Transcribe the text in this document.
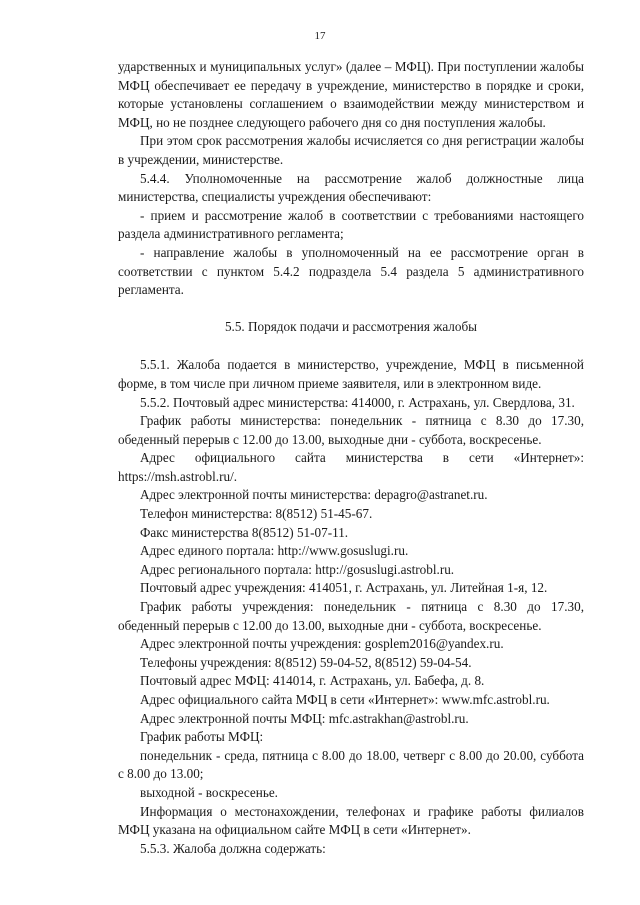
17

ударственных и муниципальных услуг» (далее – МФЦ). При поступлении жалобы МФЦ обеспечивает ее передачу в учреждение, министерство в порядке и сроки, которые установлены соглашением о взаимодействии между министерством и МФЦ, но не позднее следующего рабочего дня со дня поступления жалобы.

При этом срок рассмотрения жалобы исчисляется со дня регистрации жалобы в учреждении, министерстве.

5.4.4. Уполномоченные на рассмотрение жалоб должностные лица министерства, специалисты учреждения обеспечивают:

- прием и рассмотрение жалоб в соответствии с требованиями настоящего раздела административного регламента;

- направление жалобы в уполномоченный на ее рассмотрение орган в соответствии с пунктом 5.4.2 подраздела 5.4 раздела 5 административного регламента.

5.5. Порядок подачи и рассмотрения жалобы

5.5.1. Жалоба подается в министерство, учреждение, МФЦ в письменной форме, в том числе при личном приеме заявителя, или в электронном виде.

5.5.2. Почтовый адрес министерства: 414000, г. Астрахань, ул. Свердлова, 31.

График работы министерства: понедельник - пятница с 8.30 до 17.30, обеденный перерыв с 12.00 до 13.00, выходные дни - суббота, воскресенье.

Адрес официального сайта министерства в сети «Интернет»: https://msh.astrobl.ru/.

Адрес электронной почты министерства: depagro@astranet.ru.

Телефон министерства: 8(8512) 51-45-67.

Факс министерства 8(8512) 51-07-11.

Адрес единого портала: http://www.gosuslugi.ru.

Адрес регионального портала: http://gosuslugi.astrobl.ru.

Почтовый адрес учреждения: 414051, г. Астрахань, ул. Литейная 1-я, 12.

График работы учреждения: понедельник - пятница с 8.30 до 17.30, обеденный перерыв с 12.00 до 13.00, выходные дни - суббота, воскресенье.

Адрес электронной почты учреждения: gosplem2016@yandex.ru.

Телефоны учреждения: 8(8512) 59-04-52, 8(8512) 59-04-54.

Почтовый адрес МФЦ: 414014, г. Астрахань, ул. Бабефа, д. 8.

Адрес официального сайта МФЦ в сети «Интернет»: www.mfc.astrobl.ru.

Адрес электронной почты МФЦ: mfc.astrakhan@astrobl.ru.

График работы МФЦ:

понедельник - среда, пятница с 8.00 до 18.00, четверг с 8.00 до 20.00, суббота с 8.00 до 13.00;

выходной - воскресенье.

Информация о местонахождении, телефонах и графике работы филиалов МФЦ указана на официальном сайте МФЦ в сети «Интернет».

5.5.3. Жалоба должна содержать:
